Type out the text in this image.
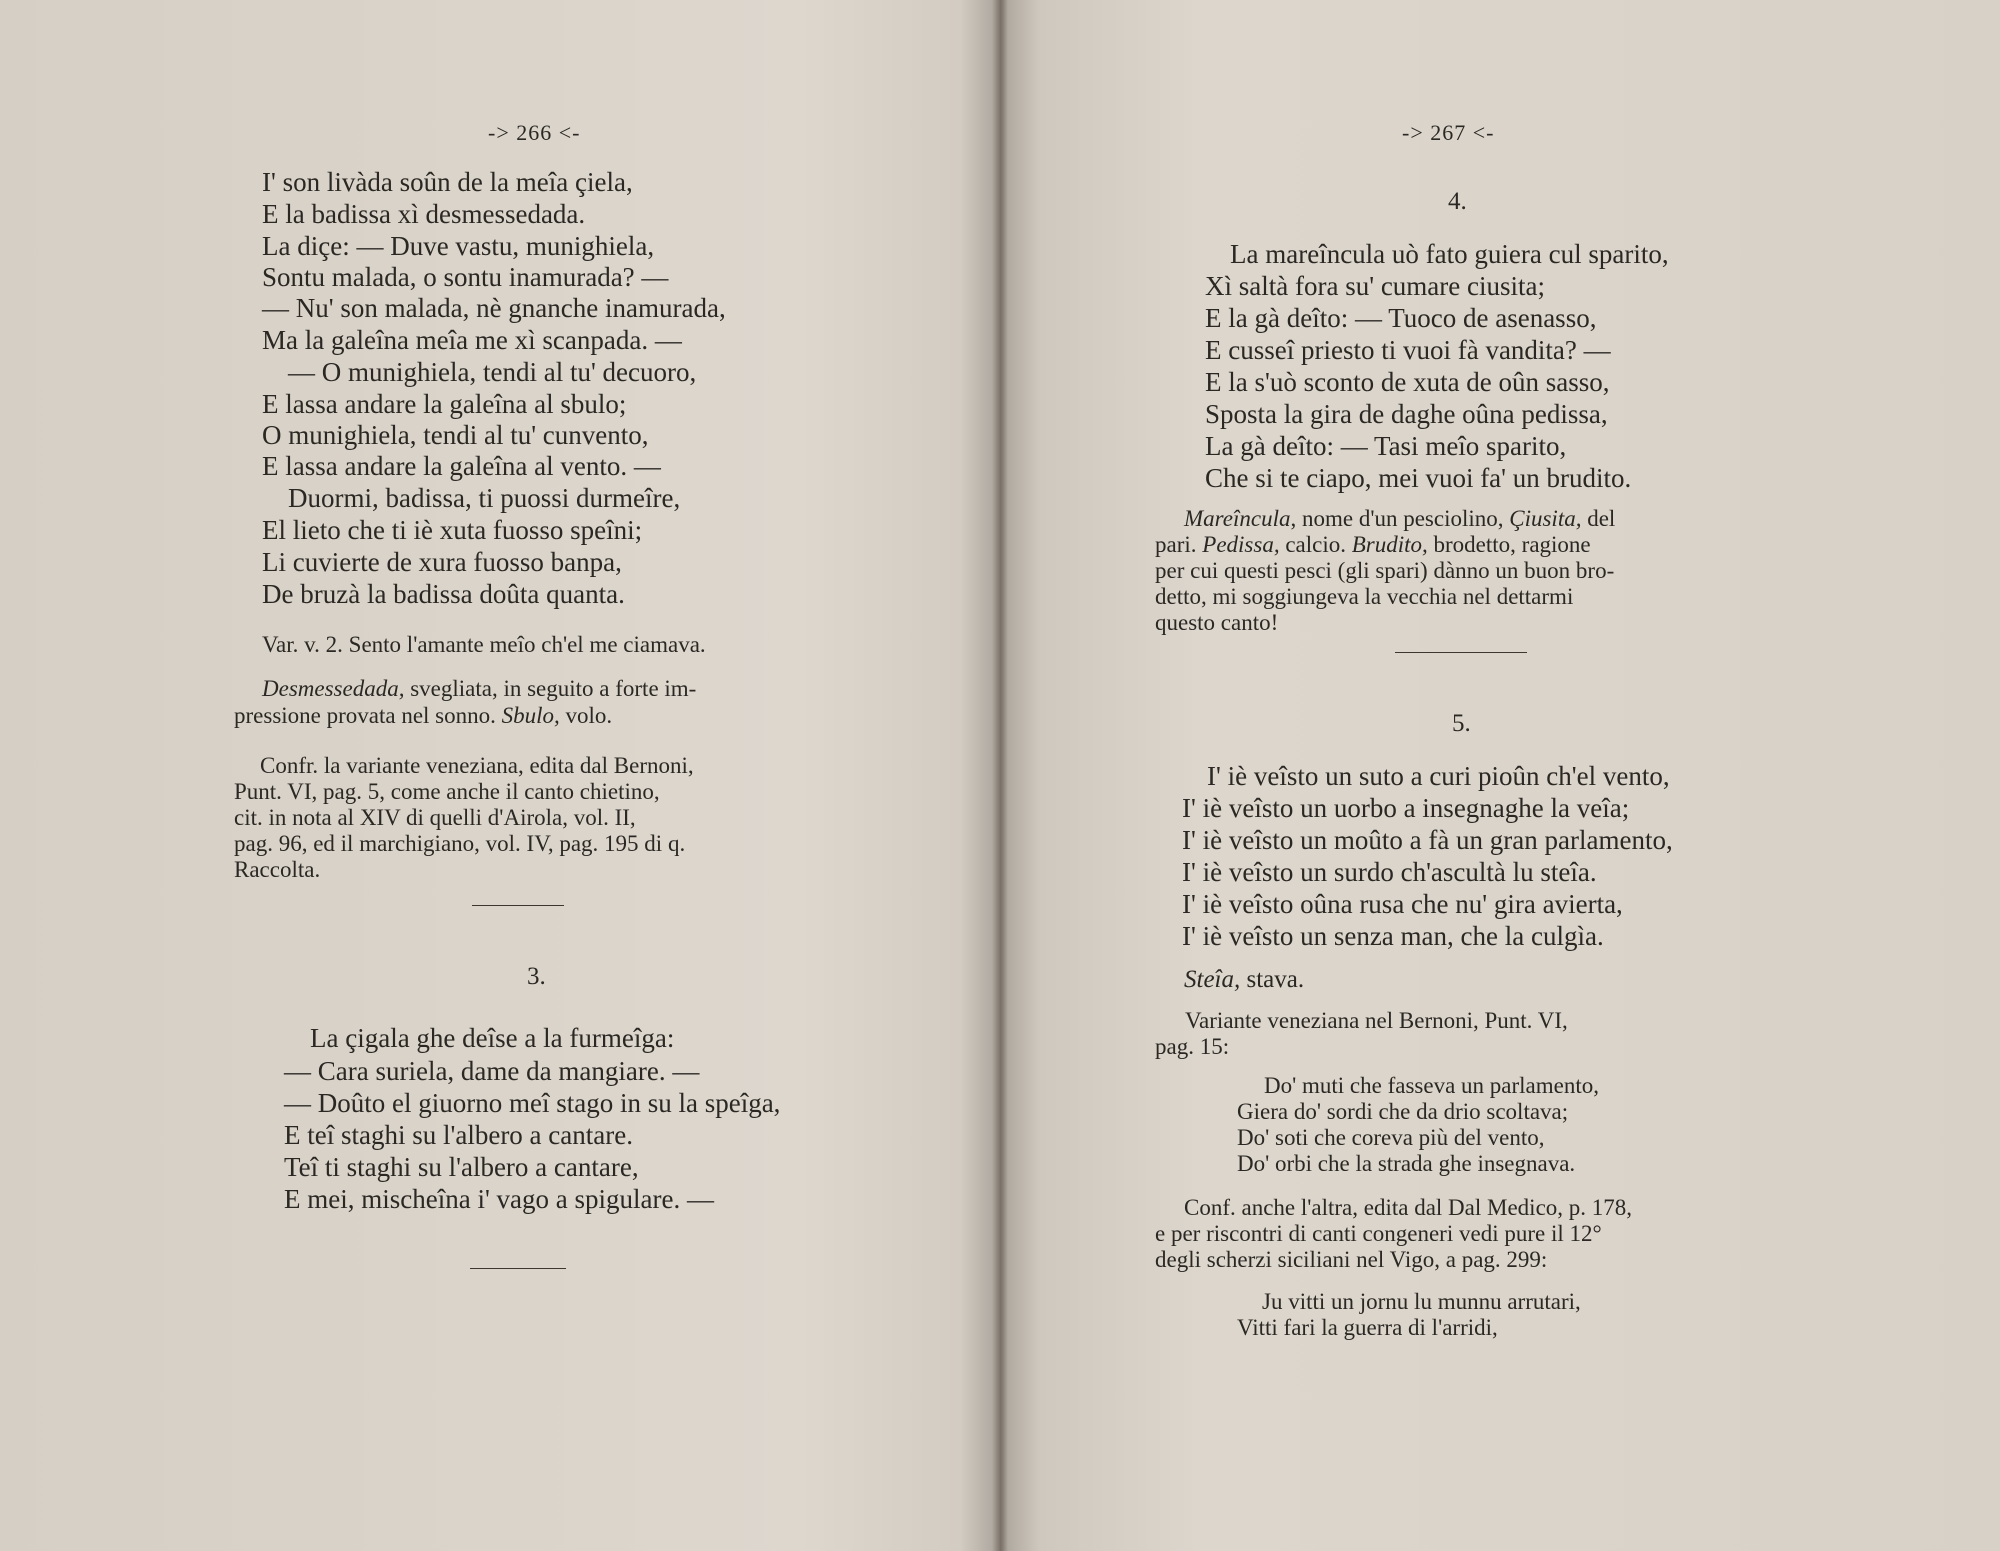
-> 266 <-
I' son livàda soûn de la meîa çiela,
E la badissa xì desmessedada.
La diçe: — Duve vastu, munighiela,
Sontu malada, o sontu inamurada? —
— Nu' son malada, nè gnanche inamurada,
Ma la galeîna meîa me xì scanpada. —
— O munighiela, tendi al tu' decuoro,
E lassa andare la galeîna al sbulo;
O munighiela, tendi al tu' cunvento,
E lassa andare la galeîna al vento. —
Duormi, badissa, ti puossi durmeîre,
El lieto che ti iè xuta fuosso speîni;
Li cuvierte de xura fuosso banpa,
De bruzà la badissa doûta quanta.
Var. v. 2. Sento l'amante meîo ch'el me ciamava.
Desmessedada, svegliata, in seguito a forte im-
pressione provata nel sonno. Sbulo, volo.
Confr. la variante veneziana, edita dal Bernoni,
Punt. VI, pag. 5, come anche il canto chietino,
cit. in nota al XIV di quelli d'Airola, vol. II,
pag. 96, ed il marchigiano, vol. IV, pag. 195 di q.
Raccolta.
3.
La çigala ghe deîse a la furmeîga:
— Cara suriela, dame da mangiare. —
— Doûto el giuorno meî stago in su la speîga,
E teî staghi su l'albero a cantare.
Teî ti staghi su l'albero a cantare,
E mei, mischeîna i' vago a spigulare. —
-> 267 <-
4.
La mareîncula uò fato guiera cul sparito,
Xì saltà fora su' cumare ciusita;
E la gà deîto: — Tuoco de asenasso,
E cusseî priesto ti vuoi fà vandita? —
E la s'uò sconto de xuta de oûn sasso,
Sposta la gira de daghe oûna pedissa,
La gà deîto: — Tasi meîo sparito,
Che si te ciapo, mei vuoi fa' un brudito.
Mareîncula, nome d'un pesciolino, Çiusita, del
pari. Pedissa, calcio. Brudito, brodetto, ragione
per cui questi pesci (gli spari) dànno un buon bro-
detto, mi soggiungeva la vecchia nel dettarmi
questo canto!
5.
I' iè veîsto un suto a curi pioûn ch'el vento,
I' iè veîsto un uorbo a insegnaghe la veîa;
I' iè veîsto un moûto a fà un gran parlamento,
I' iè veîsto un surdo ch'ascultà lu steîa.
I' iè veîsto oûna rusa che nu' gira avierta,
I' iè veîsto un senza man, che la culgìa.
Steîa, stava.
Variante veneziana nel Bernoni, Punt. VI,
pag. 15:
Do' muti che fasseva un parlamento,
Giera do' sordi che da drio scoltava;
Do' soti che coreva più del vento,
Do' orbi che la strada ghe insegnava.
Conf. anche l'altra, edita dal Dal Medico, p. 178,
e per riscontri di canti congeneri vedi pure il 12°
degli scherzi siciliani nel Vigo, a pag. 299:
Ju vitti un jornu lu munnu arrutari,
Vitti fari la guerra di l'arridi,
